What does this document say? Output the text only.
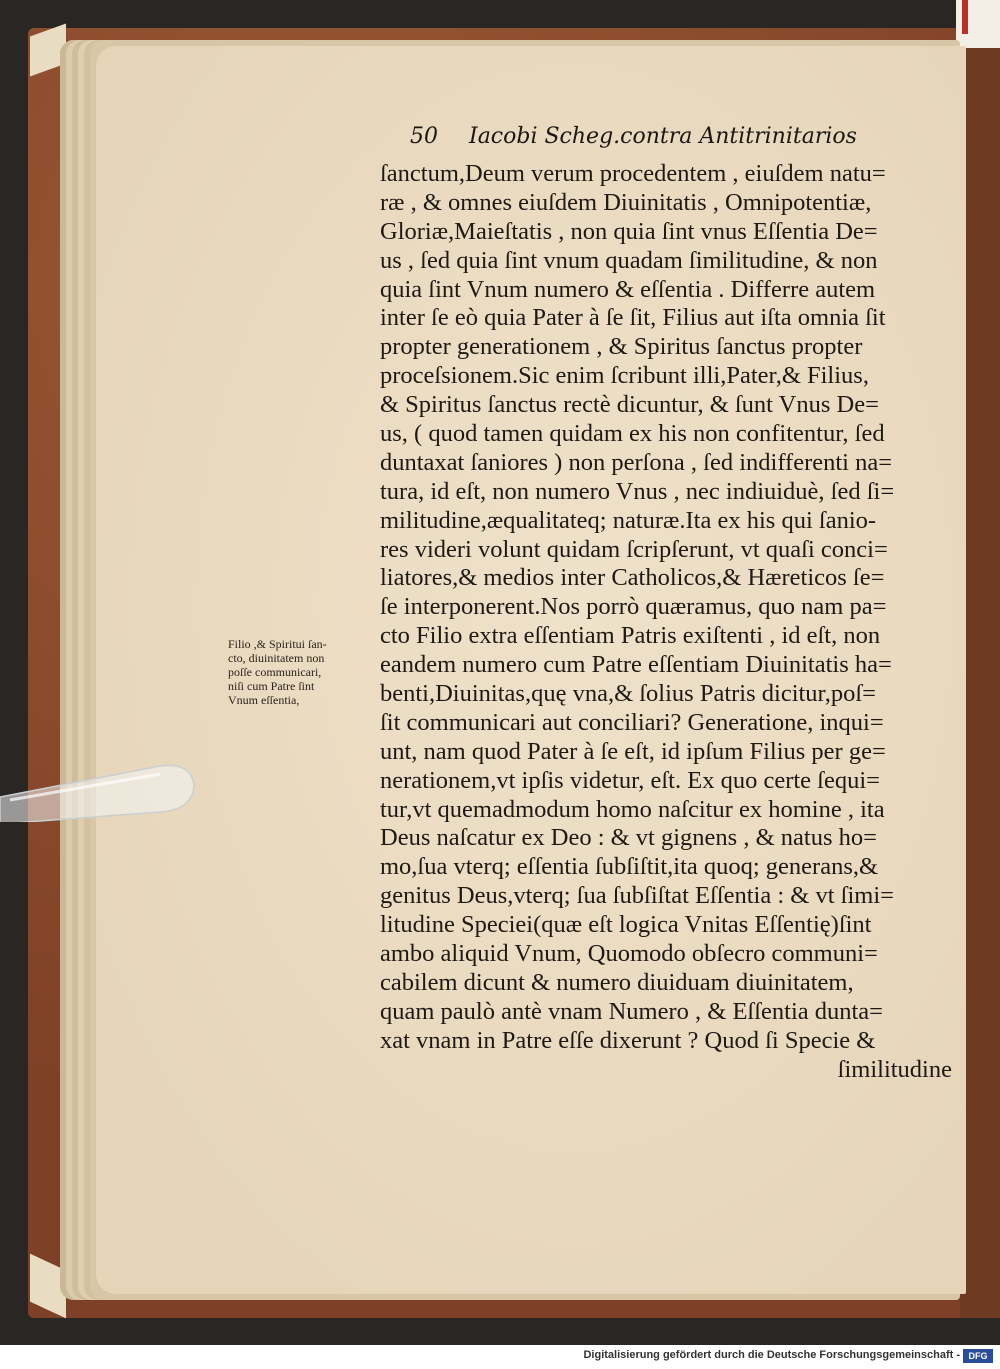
50 Iacobi Scheg.contra Antitrinitarios
ſanctum,Deum verum procedentem , eiuſdem natu=
ræ , & omnes eiuſdem Diuinitatis , Omnipotentiæ,
Gloriæ,Maieſtatis , non quia ſint vnus Eſſentia De=
us , ſed quia ſint vnum quadam ſimilitudine, & non
quia ſint Vnum numero & eſſentia . Differre autem
inter ſe eò quia Pater à ſe ſit, Filius aut iſta omnia ſit
propter generationem , & Spiritus ſanctus propter
proceſsionem.Sic enim ſcribunt illi,Pater,& Filius,
& Spiritus ſanctus rectè dicuntur, & ſunt Vnus De=
us, ( quod tamen quidam ex his non confitentur, ſed
duntaxat ſaniores ) non perſona , ſed indifferenti na=
tura, id eſt, non numero Vnus , nec indiuiduè, ſed ſi=
militudine,æqualitateq; naturæ.Ita ex his qui ſanio-
res videri volunt quidam ſcripſerunt, vt quaſi conci=
liatores,& medios inter Catholicos,& Hæreticos ſe=
ſe interponerent.Nos porrò quæramus, quo nam pa=
cto Filio extra eſſentiam Patris exiſtenti , id eſt, non
eandem numero cum Patre eſſentiam Diuinitatis ha=
benti,Diuinitas,quę vna,& ſolius Patris dicitur,poſ=
ſit communicari aut conciliari? Generatione, inqui=
unt, nam quod Pater à ſe eſt, id ipſum Filius per ge=
nerationem,vt ipſis videtur, eſt. Ex quo certe ſequi=
tur,vt quemadmodum homo naſcitur ex homine , ita
Deus naſcatur ex Deo : & vt gignens , & natus ho=
mo,ſua vterq; eſſentia ſubſiſtit,ita quoq; generans,&
genitus Deus,vterq; ſua ſubſiſtat Eſſentia : & vt ſimi=
litudine Speciei(quæ eſt logica Vnitas Eſſentię)ſint
ambo aliquid Vnum, Quomodo obſecro communi=
cabilem dicunt & numero diuiduam diuinitatem,
quam paulò antè vnam Numero , & Eſſentia dunta=
xat vnam in Patre eſſe dixerunt ? Quod ſi Specie &
ſimilitudine
Filio ,& Spiritui ſan-
cto, diuinitatem non
poſſe communicari,
niſi cum Patre ſint
Vnum eſſentia,
Digitalisierung gefördert durch die Deutsche Forschungsgemeinschaft - DFG
